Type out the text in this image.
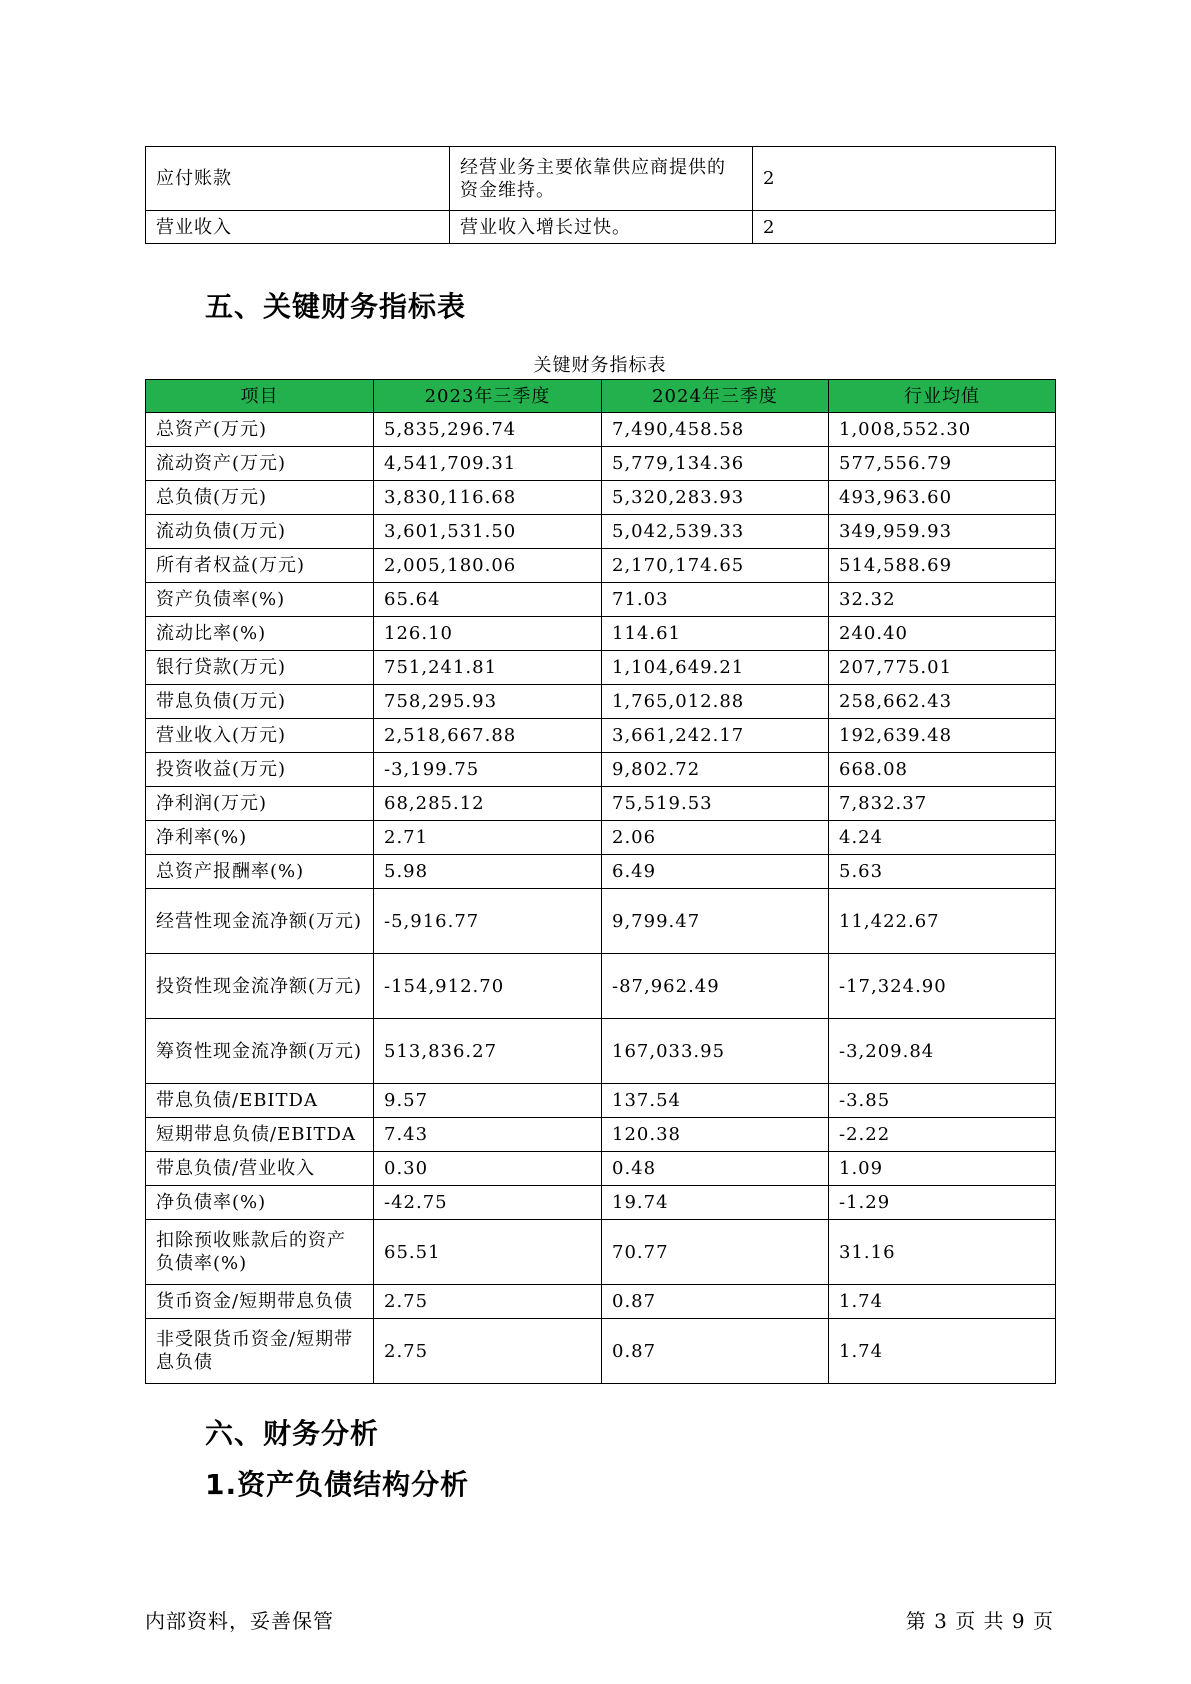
应付账款	经营业务主要依靠供应商提供的资金维持。	2
营业收入	营业收入增长过快。	2
五、关键财务指标表
关键财务指标表
项目	2023年三季度	2024年三季度	行业均值
总资产(万元)	5,835,296.74	7,490,458.58	1,008,552.30
流动资产(万元)	4,541,709.31	5,779,134.36	577,556.79
总负债(万元)	3,830,116.68	5,320,283.93	493,963.60
流动负债(万元)	3,601,531.50	5,042,539.33	349,959.93
所有者权益(万元)	2,005,180.06	2,170,174.65	514,588.69
资产负债率(%)	65.64	71.03	32.32
流动比率(%)	126.10	114.61	240.40
银行贷款(万元)	751,241.81	1,104,649.21	207,775.01
带息负债(万元)	758,295.93	1,765,012.88	258,662.43
营业收入(万元)	2,518,667.88	3,661,242.17	192,639.48
投资收益(万元)	-3,199.75	9,802.72	668.08
净利润(万元)	68,285.12	75,519.53	7,832.37
净利率(%)	2.71	2.06	4.24
总资产报酬率(%)	5.98	6.49	5.63
经营性现金流净额(万元)	-5,916.77	9,799.47	11,422.67
投资性现金流净额(万元)	-154,912.70	-87,962.49	-17,324.90
筹资性现金流净额(万元)	513,836.27	167,033.95	-3,209.84
带息负债/EBITDA	9.57	137.54	-3.85
短期带息负债/EBITDA	7.43	120.38	-2.22
带息负债/营业收入	0.30	0.48	1.09
净负债率(%)	-42.75	19.74	-1.29
扣除预收账款后的资产负债率(%)	65.51	70.77	31.16
货币资金/短期带息负债	2.75	0.87	1.74
非受限货币资金/短期带息负债	2.75	0.87	1.74
六、财务分析
1.资产负债结构分析
内部资料，妥善保管	第 3 页 共 9 页
